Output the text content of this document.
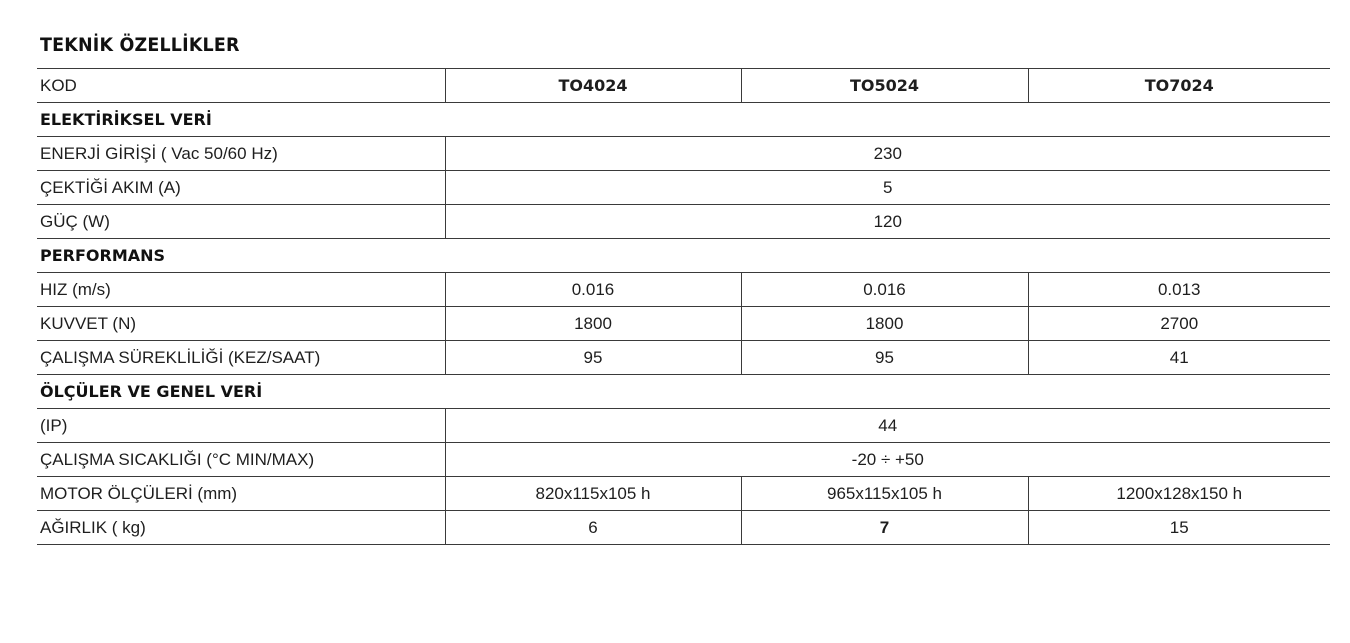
TEKNİK ÖZELLİKLER
KOD	TO4024	TO5024	TO7024
ELEKTİRİKSEL VERİ			
ENERJİ GİRİŞİ ( Vac 50/60 Hz)	230		
ÇEKTİĞİ AKIM (A)	5		
GÜÇ (W)	120		
PERFORMANS			
HIZ (m/s)	0.016	0.016	0.013
KUVVET (N)	1800	1800	2700
ÇALIŞMA SÜREKLİLİĞİ (KEZ/SAAT)	95	95	41
ÖLÇÜLER VE GENEL VERİ			
(IP)	44		
ÇALIŞMA SICAKLIĞI (°C MIN/MAX)	-20 ÷ +50		
MOTOR ÖLÇÜLERİ (mm)	820x115x105 h	965x115x105 h	1200x128x150 h
AĞIRLIK ( kg)	6	7	15
